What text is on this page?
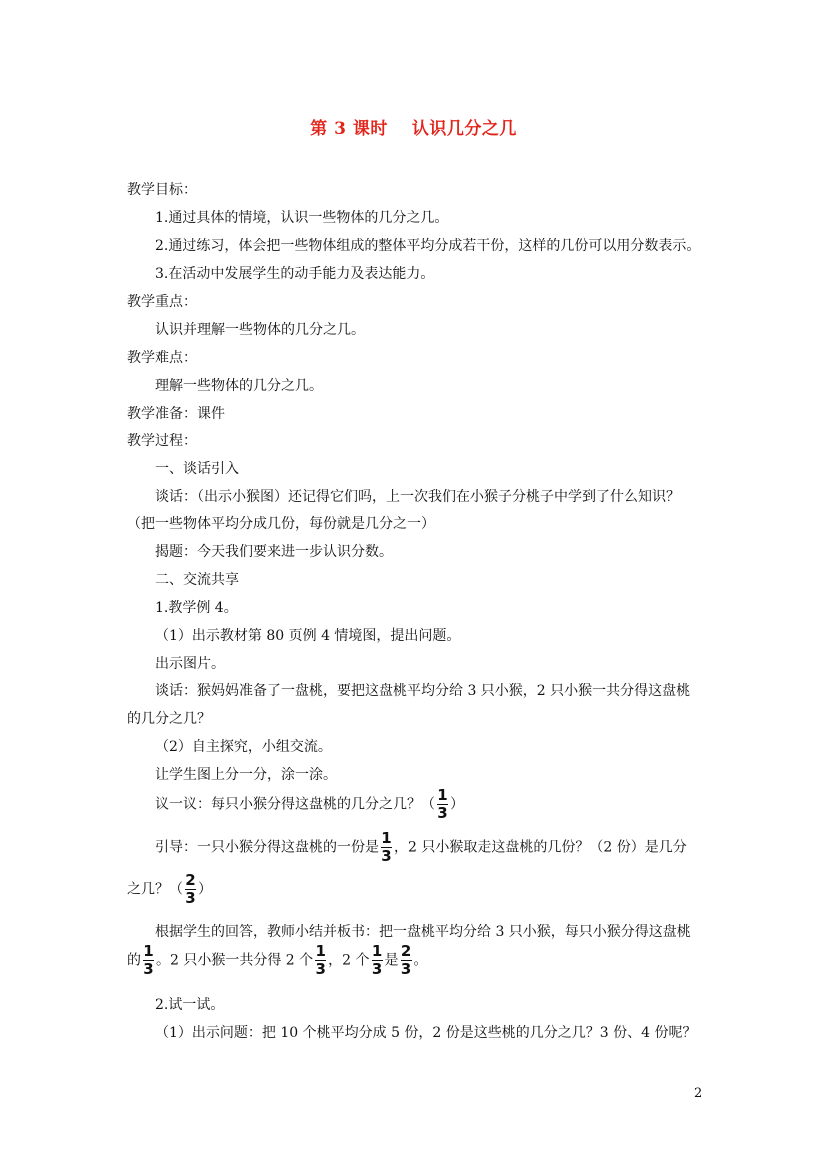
第 3 课时 认识几分之几
教学目标：
1.通过具体的情境，认识一些物体的几分之几。
2.通过练习，体会把一些物体组成的整体平均分成若干份，这样的几份可以用分数表示。
3.在活动中发展学生的动手能力及表达能力。
教学重点：
认识并理解一些物体的几分之几。
教学难点：
理解一些物体的几分之几。
教学准备：课件
教学过程：
一、谈话引入
谈话：（出示小猴图）还记得它们吗，上一次我们在小猴子分桃子中学到了什么知识？
（把一些物体平均分成几份，每份就是几分之一）
揭题：今天我们要来进一步认识分数。
二、交流共享
1.教学例 4。
（1）出示教材第 80 页例 4 情境图，提出问题。
出示图片。
谈话：猴妈妈准备了一盘桃，要把这盘桃平均分给 3 只小猴，2 只小猴一共分得这盘桃
的几分之几？
（2）自主探究，小组交流。
让学生图上分一分，涂一涂。
议一议：每只小猴分得这盘桃的几分之几？（ $\frac{1}{3}$ ）
引导：一只小猴分得这盘桃的一份是 $\frac{1}{3}$ ，2 只小猴取走这盘桃的几份？（2 份）是几分
之几？（ $\frac{2}{3}$ ）
根据学生的回答，教师小结并板书：把一盘桃平均分给 3 只小猴，每只小猴分得这盘桃
的 $\frac{1}{3}$ 。2 只小猴一共分得 2 个 $\frac{1}{3}$ ，2 个 $\frac{1}{3}$ 是 $\frac{2}{3}$ 。
2.试一试。
（1）出示问题：把 10 个桃平均分成 5 份，2 份是这些桃的几分之几？3 份、4 份呢？
2
